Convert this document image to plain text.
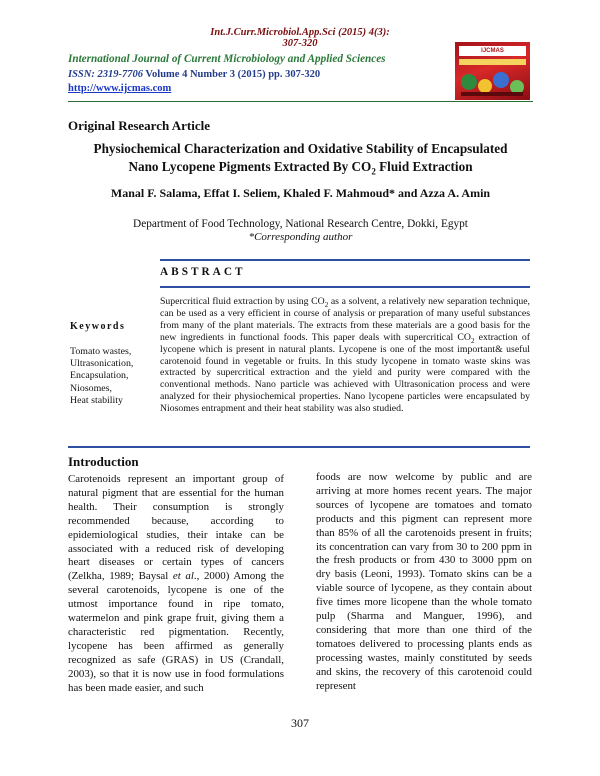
Int.J.Curr.Microbiol.App.Sci (2015) 4(3): 307-320
International Journal of Current Microbiology and Applied Sciences
ISSN: 2319-7706 Volume 4 Number 3 (2015) pp. 307-320
http://www.ijcmas.com
IJCMAS
Original Research Article
Physiochemical Characterization and Oxidative Stability of Encapsulated
Nano Lycopene Pigments Extracted By $CO_2$ Fluid Extraction
Manal F. Salama, Effat I. Seliem, Khaled F. Mahmoud* and Azza A. Amin
Department of Food Technology, National Research Centre, Dokki, Egypt
*Corresponding author
ABSTRACT
Keywords
Tomato wastes,
Ultrasonication,
Encapsulation,
Niosomes,
Heat stability
Supercritical fluid extraction by using $CO_2$ as a solvent, a relatively new separation technique, can be used as a very efficient in course of analysis or preparation of many useful substances from many of the plant materials. The extracts from these materials are a good basis for the new ingredients in functional foods. This paper deals with supercritical $CO_2$ extraction of lycopene which is present in natural plants. Lycopene is one of the most important& useful carotenoid found in vegetable or fruits. In this study lycopene in tomato waste skins was extracted by supercritical extraction and the yield and purity were compared with the conventional methods. Nano particle was achieved with Ultrasonication process and were analyzed for their physiochemical properties. Nano lycopene particles were encapsulated by Niosomes entrapment and their heat stability was also studied.
Introduction
Carotenoids represent an important group of natural pigment that are essential for the human health. Their consumption is strongly recommended because, according to epidemiological studies, their intake can be associated with a reduced risk of developing heart diseases or certain types of cancers (Zelkha, 1989; Baysal et al., 2000) Among the several carotenoids, lycopene is one of the utmost importance found in ripe tomato, watermelon and pink grape fruit, giving them a characteristic red pigmentation. Recently, lycopene has been affirmed as generally recognized as safe (GRAS) in US (Crandall, 2003), so that it is now use in food formulations has been made easier, and such
foods are now welcome by public and are arriving at more homes recent years. The major sources of lycopene are tomatoes and tomato products and this pigment can represent more than 85% of all the carotenoids present in fruits; its concentration can vary from 30 to 200 ppm in the fresh products or from 430 to 3000 ppm on dry basis (Leoni, 1993). Tomato skins can be a viable source of lycopene, as they contain about five times more licopene than the whole tomato pulp (Sharma and Manguer, 1996), and considering that more than one third of the tomatoes delivered to processing plants ends as processing wastes, mainly constituted by seeds and skins, the recovery of this carotenoid could represent
307
